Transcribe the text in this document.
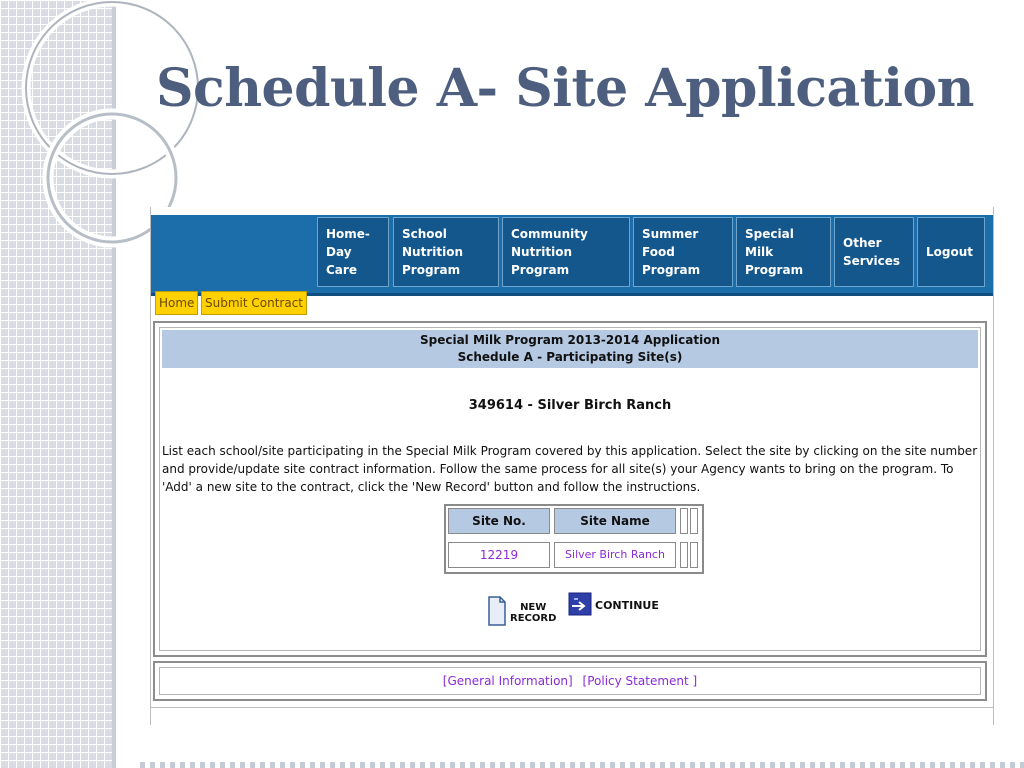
Schedule A- Site Application
Home-
Day
Care
School
Nutrition
Program
Community
Nutrition
Program
Summer
Food
Program
Special
Milk
Program
Other
Services
Logout
Home Submit Contract
Special Milk Program 2013-2014 Application
Schedule A - Participating Site(s)
349614 - Silver Birch Ranch
List each school/site participating in the Special Milk Program covered by this application. Select the site by clicking on the site number and provide/update site contract information. Follow the same process for all site(s) your Agency wants to bring on the program. To 'Add' a new site to the contract, click the 'New Record' button and follow the instructions.
Site No.	Site Name
12219	Silver Birch Ranch
NEW
RECORD
CONTINUE
[General Information] [Policy Statement ]
